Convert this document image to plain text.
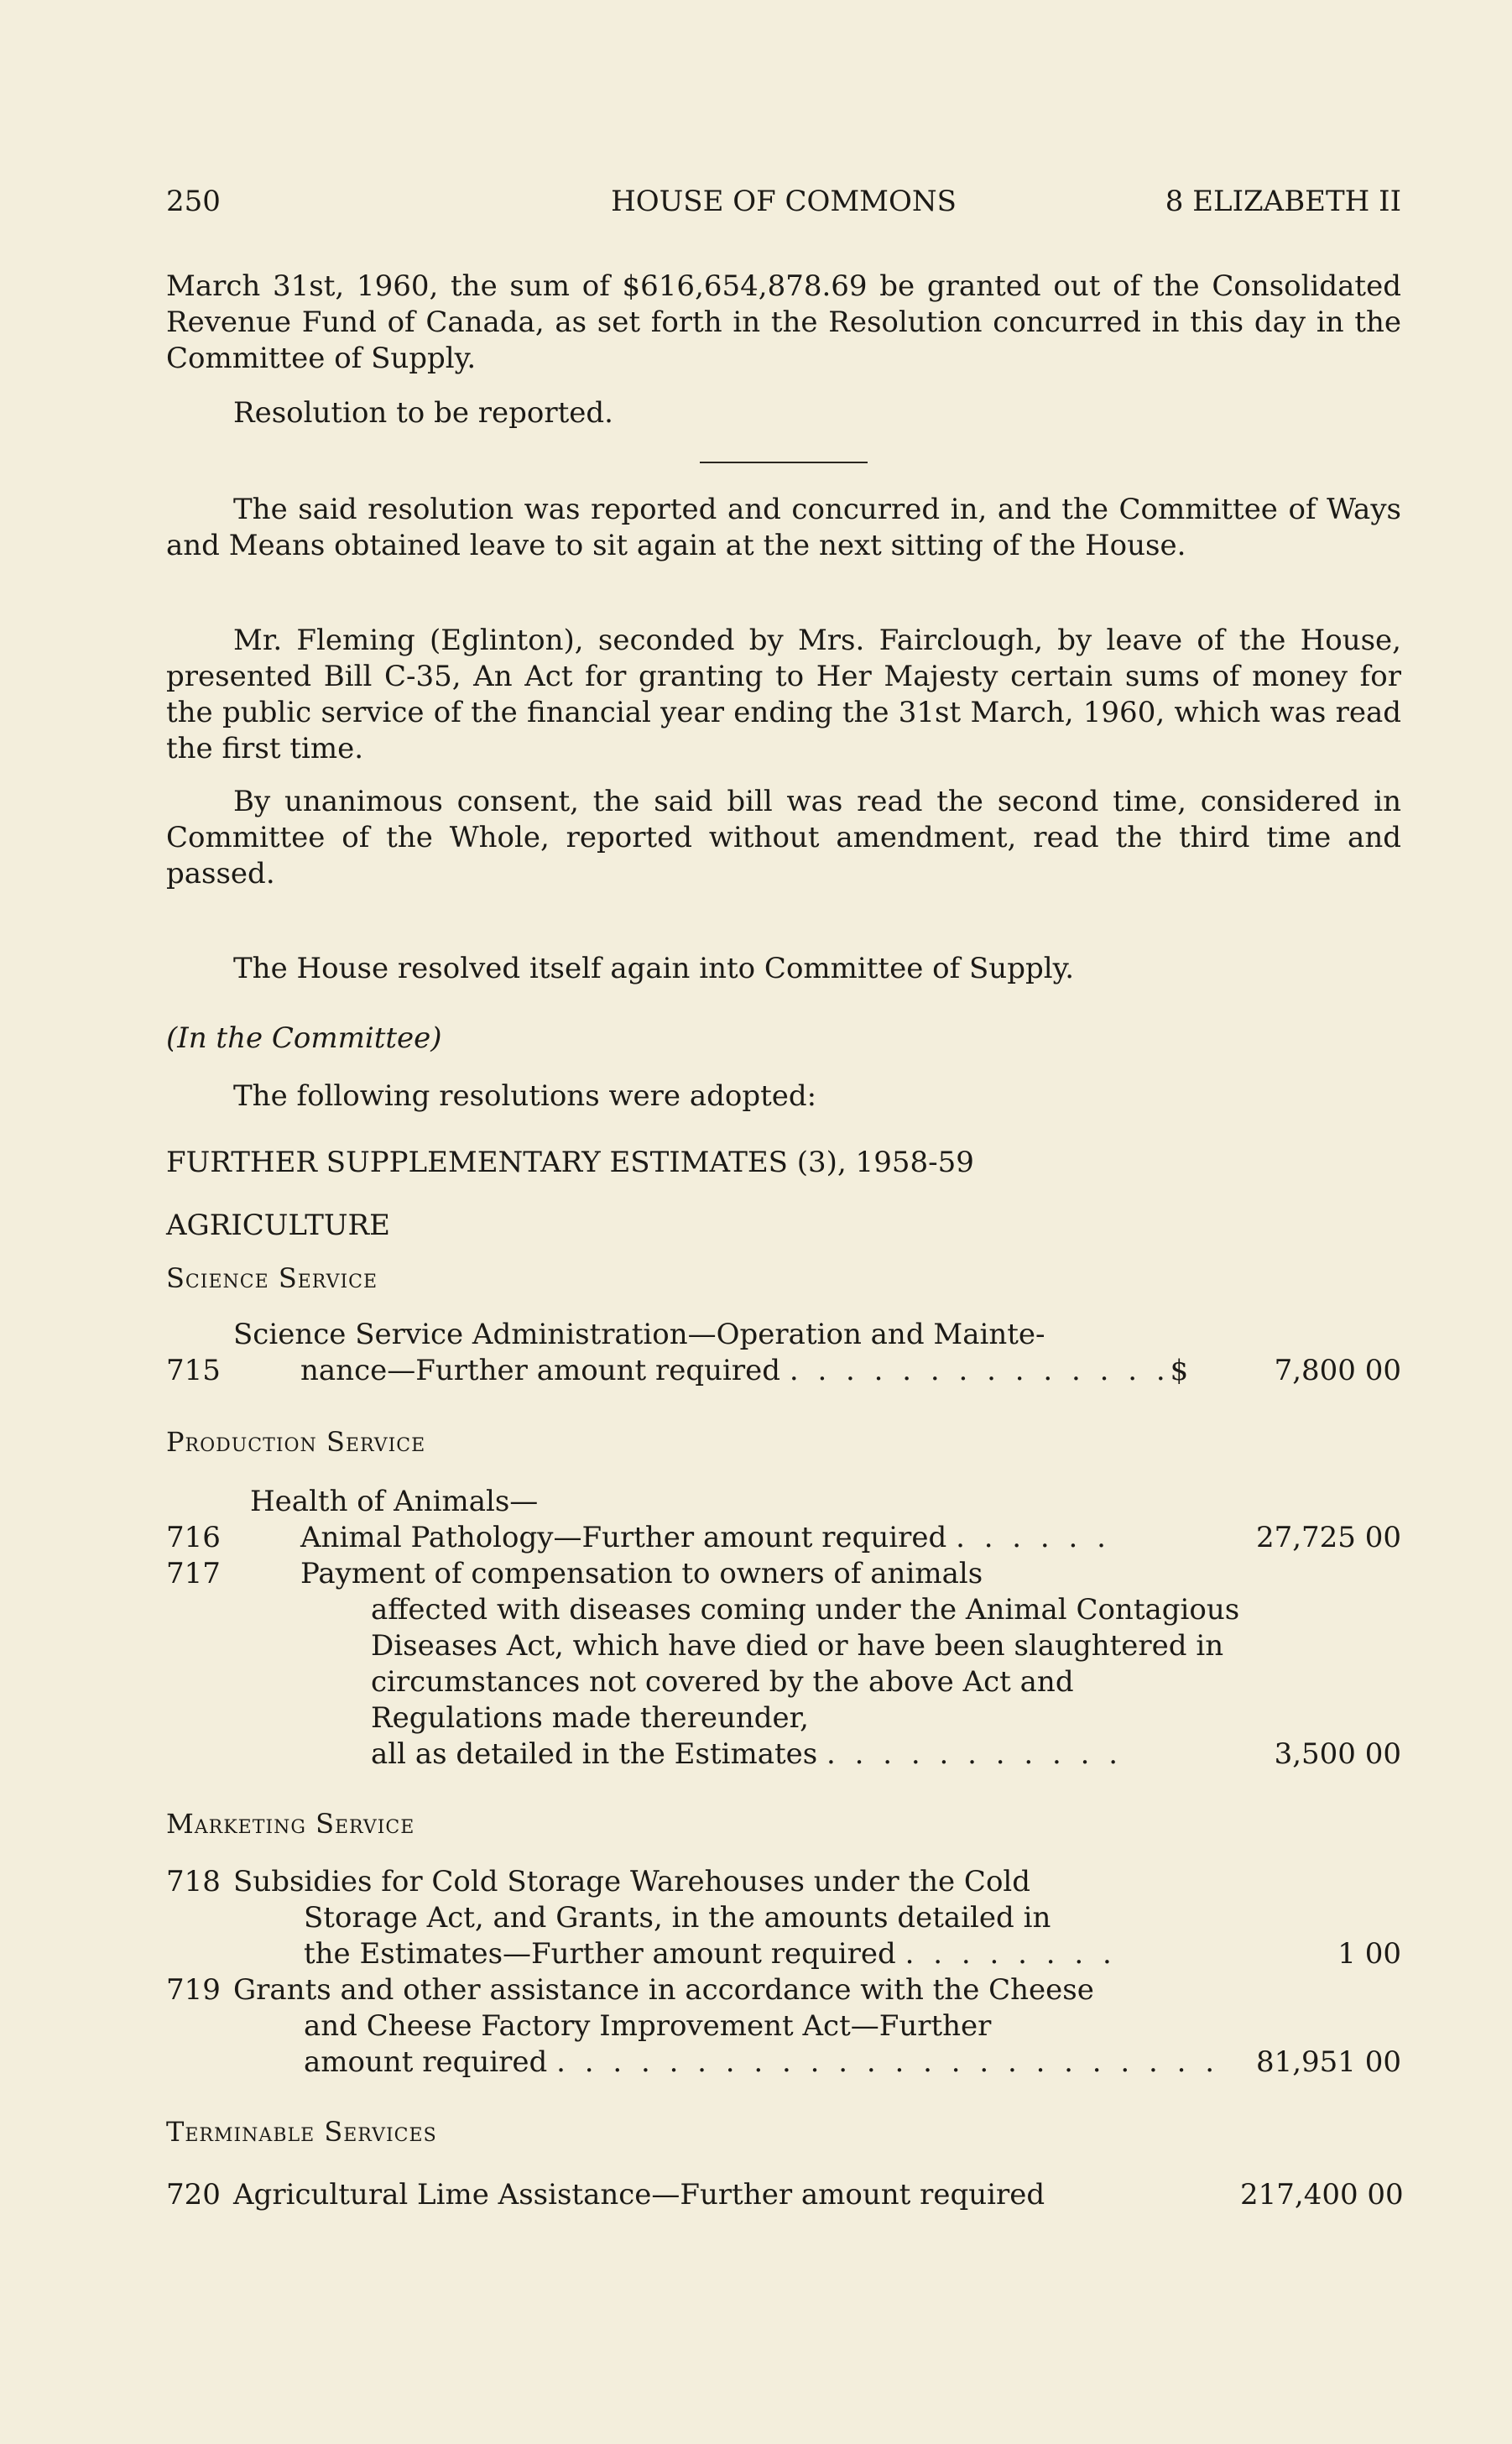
250	HOUSE OF COMMONS	8 ELIZABETH II

March 31st, 1960, the sum of $616,654,878.69 be granted out of the Consolidated Revenue Fund of Canada, as set forth in the Resolution concurred in this day in the Committee of Supply.

Resolution to be reported.

The said resolution was reported and concurred in, and the Committee of Ways and Means obtained leave to sit again at the next sitting of the House.

Mr. Fleming (Eglinton), seconded by Mrs. Fairclough, by leave of the House, presented Bill C-35, An Act for granting to Her Majesty certain sums of money for the public service of the financial year ending the 31st March, 1960, which was read the first time.

By unanimous consent, the said bill was read the second time, considered in Committee of the Whole, reported without amendment, read the third time and passed.

The House resolved itself again into Committee of Supply.

(In the Committee)

The following resolutions were adopted:

FURTHER SUPPLEMENTARY ESTIMATES (3), 1958-59

AGRICULTURE

Science Service

715
Science Service Administration—Operation and Mainte-
nance—Further amount required . . . . . . . . . . . . . .$	7,800 00

Production Service

Health of Animals—

716	Animal Pathology—Further amount required . . . . . .	27,725 00
717	Payment of compensation to owners of animals

affected with diseases coming under the Animal Contagious Diseases Act, which have died or have been slaughtered in circumstances not covered by the above Act and Regulations made thereunder,
all as detailed in the Estimates . . . . . . . . . . .	3,500 00

Marketing Service

718 Subsidies for Cold Storage Warehouses under the Cold

Storage Act, and Grants, in the amounts detailed in
the Estimates—Further amount required . . . . . . . .	1 00
719 Grants and other assistance in accordance with the Cheese

and Cheese Factory Improvement Act—Further
amount required . . . . . . . . . . . . . . . . . . . . . . . .	81,951 00

Terminable Services

720 Agricultural Lime Assistance—Further amount required	217,400 00
